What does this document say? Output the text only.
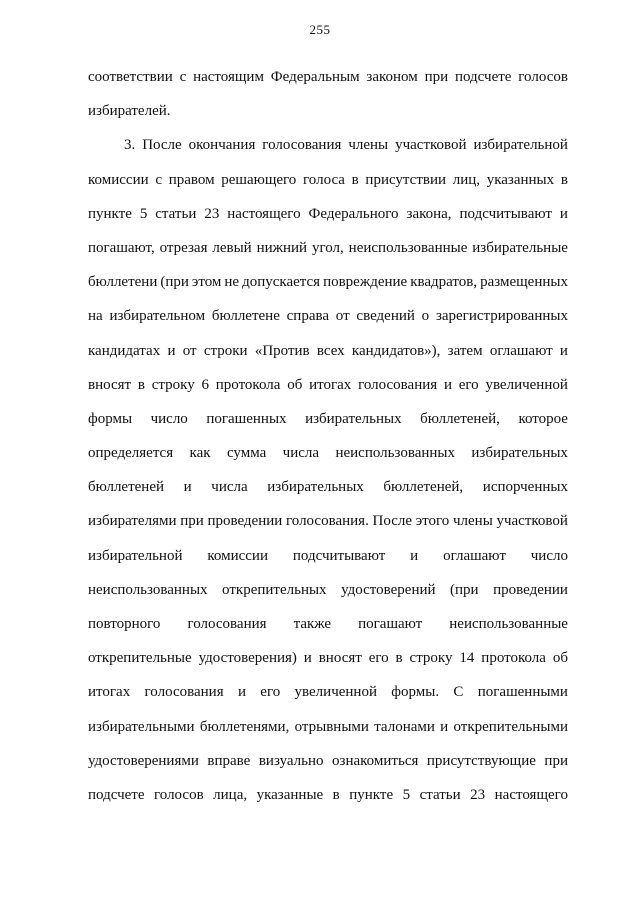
255
соответствии с настоящим Федеральным законом при подсчете голосов
избирателей.
3. После окончания голосования члены участковой избирательной
комиссии с правом решающего голоса в присутствии лиц, указанных в
пункте 5 статьи 23 настоящего Федерального закона, подсчитывают и
погашают, отрезая левый нижний угол, неиспользованные избирательные
бюллетени (при этом не допускается повреждение квадратов, размещенных
на избирательном бюллетене справа от сведений о зарегистрированных
кандидатах и от строки «Против всех кандидатов»), затем оглашают и
вносят в строку 6 протокола об итогах голосования и его увеличенной
формы число погашенных избирательных бюллетеней, которое
определяется как сумма числа неиспользованных избирательных
бюллетеней и числа избирательных бюллетеней, испорченных
избирателями при проведении голосования. После этого члены участковой
избирательной комиссии подсчитывают и оглашают число
неиспользованных открепительных удостоверений (при проведении
повторного голосования также погашают неиспользованные
открепительные удостоверения) и вносят его в строку 14 протокола об
итогах голосования и его увеличенной формы. С погашенными
избирательными бюллетенями, отрывными талонами и открепительными
удостоверениями вправе визуально ознакомиться присутствующие при
подсчете голосов лица, указанные в пункте 5 статьи 23 настоящего
